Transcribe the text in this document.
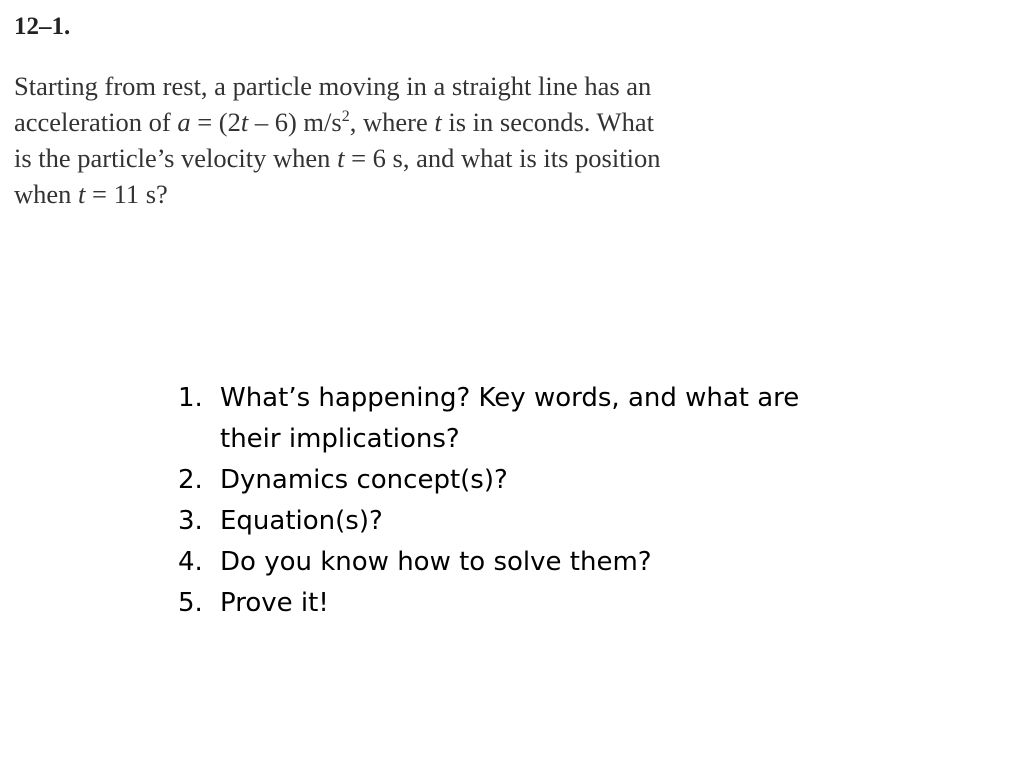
12–1.
Starting from rest, a particle moving in a straight line has an
acceleration of a = (2t – 6) $m/s^2$, where t is in seconds. What
is the particle’s velocity when t = 6 s, and what is its position
when t = 11 s?
1. What’s happening? Key words, and what are their implications?
2. Dynamics concept(s)?
3. Equation(s)?
4. Do you know how to solve them?
5. Prove it!
